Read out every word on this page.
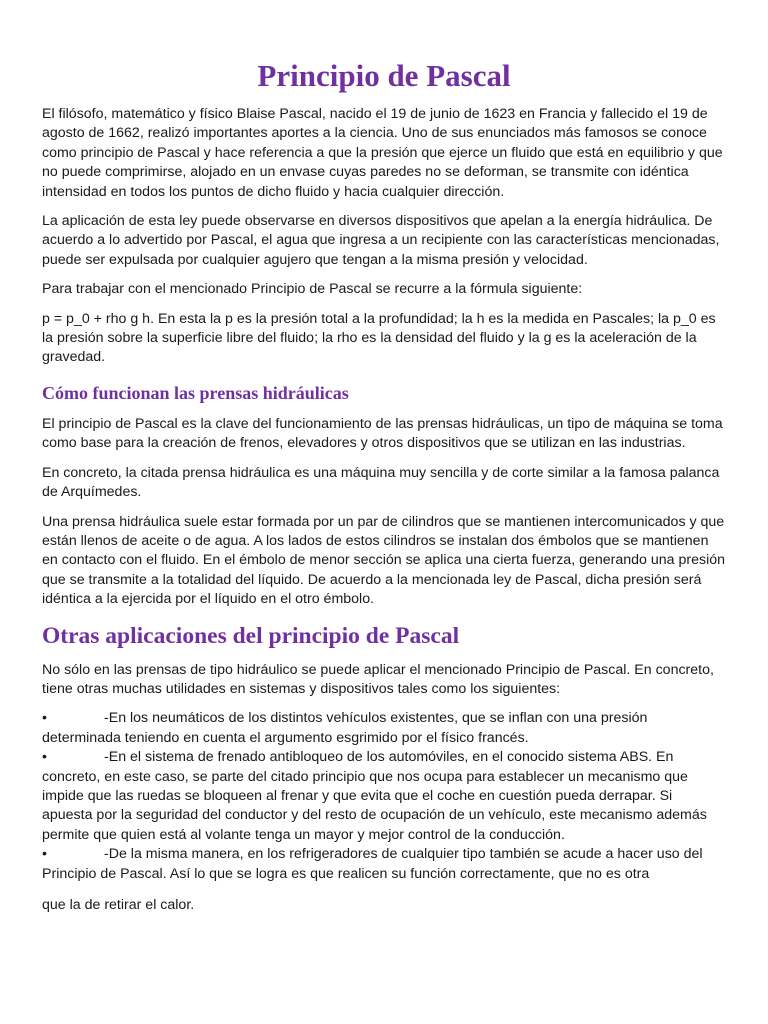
Principio de Pascal

El filósofo, matemático y físico Blaise Pascal, nacido el 19 de junio de 1623 en Francia y fallecido el 19 de agosto de 1662, realizó importantes aportes a la ciencia. Uno de sus enunciados más famosos se conoce como principio de Pascal y hace referencia a que la presión que ejerce un fluido que está en equilibrio y que no puede comprimirse, alojado en un envase cuyas paredes no se deforman, se transmite con idéntica intensidad en todos los puntos de dicho fluido y hacia cualquier dirección.

La aplicación de esta ley puede observarse en diversos dispositivos que apelan a la energía hidráulica. De acuerdo a lo advertido por Pascal, el agua que ingresa a un recipiente con las características mencionadas, puede ser expulsada por cualquier agujero que tengan a la misma presión y velocidad.

Para trabajar con el mencionado Principio de Pascal se recurre a la fórmula siguiente:

p = p_0 + rho g h. En esta la p es la presión total a la profundidad; la h es la medida en Pascales; la p_0 es la presión sobre la superficie libre del fluido; la rho es la densidad del fluido y la g es la aceleración de la gravedad.

Cómo funcionan las prensas hidráulicas

El principio de Pascal es la clave del funcionamiento de las prensas hidráulicas, un tipo de máquina se toma como base para la creación de frenos, elevadores y otros dispositivos que se utilizan en las industrias.

En concreto, la citada prensa hidráulica es una máquina muy sencilla y de corte similar a la famosa palanca de Arquímedes.

Una prensa hidráulica suele estar formada por un par de cilindros que se mantienen intercomunicados y que están llenos de aceite o de agua. A los lados de estos cilindros se instalan dos émbolos que se mantienen en contacto con el fluido. En el émbolo de menor sección se aplica una cierta fuerza, generando una presión que se transmite a la totalidad del líquido. De acuerdo a la mencionada ley de Pascal, dicha presión será idéntica a la ejercida por el líquido en el otro émbolo.

Otras aplicaciones del principio de Pascal

No sólo en las prensas de tipo hidráulico se puede aplicar el mencionado Principio de Pascal. En concreto, tiene otras muchas utilidades en sistemas y dispositivos tales como los siguientes:

•	-En los neumáticos de los distintos vehículos existentes, que se inflan con una presión determinada teniendo en cuenta el argumento esgrimido por el físico francés.
•	-En el sistema de frenado antibloqueo de los automóviles, en el conocido sistema ABS. En concreto, en este caso, se parte del citado principio que nos ocupa para establecer un mecanismo que impide que las ruedas se bloqueen al frenar y que evita que el coche en cuestión pueda derrapar. Si apuesta por la seguridad del conductor y del resto de ocupación de un vehículo, este mecanismo además permite que quien está al volante tenga un mayor y mejor control de la conducción.
•	-De la misma manera, en los refrigeradores de cualquier tipo también se acude a hacer uso del Principio de Pascal. Así lo que se logra es que realicen su función correctamente, que no es otra

que la de retirar el calor.
